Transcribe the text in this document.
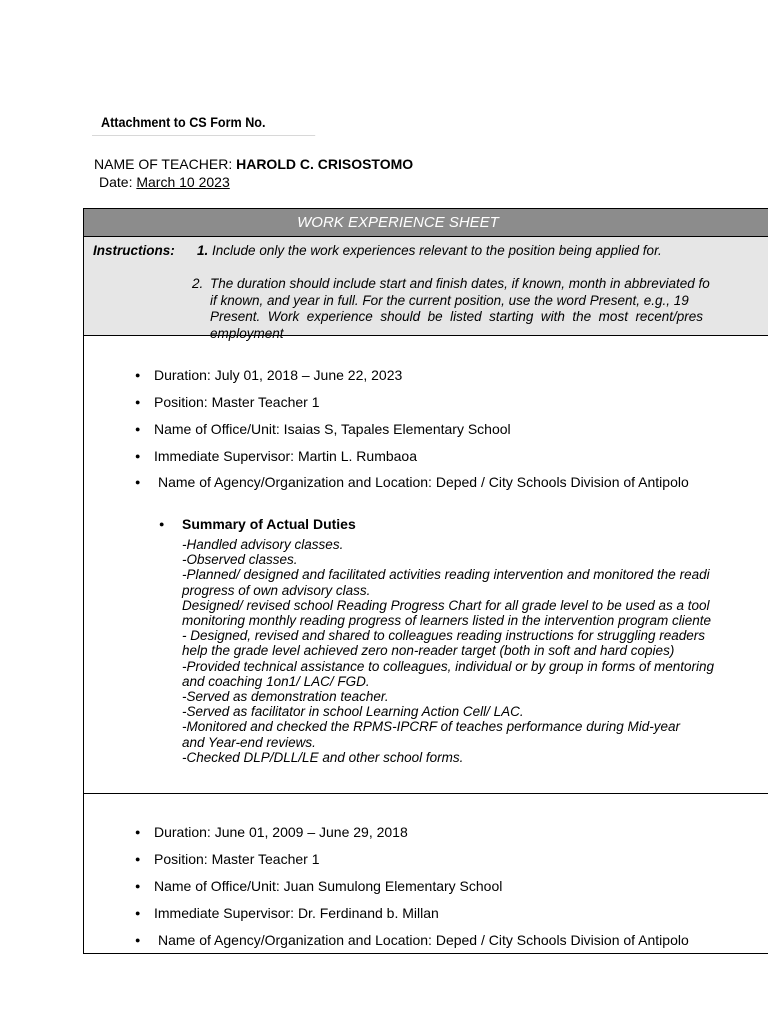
Attachment to CS Form No.
NAME OF TEACHER: HAROLD C. CRISOSTOMO
Date: March 10 2023
WORK EXPERIENCE SHEET
Instructions: 1. Include only the work experiences relevant to the position being applied for.
2. The duration should include start and finish dates, if known, month in abbreviated fo
if known, and year in full. For the current position, use the word Present, e.g., 19
Present.  Work  experience  should  be  listed  starting  with  the  most  recent/pres
employment
● Duration: July 01, 2018 – June 22, 2023
● Position: Master Teacher 1
● Name of Office/Unit: Isaias S, Tapales Elementary School
● Immediate Supervisor: Martin L. Rumbaoa
● Name of Agency/Organization and Location: Deped / City Schools Division of Antipolo
● Summary of Actual Duties
-Handled advisory classes.
-Observed classes.
-Planned/ designed and facilitated activities reading intervention and monitored the readi
progress of own advisory class.
Designed/ revised school Reading Progress Chart for all grade level to be used as a tool
monitoring monthly reading progress of learners listed in the intervention program cliente
- Designed, revised and shared to colleagues reading instructions for struggling readers
help the grade level achieved zero non-reader target (both in soft and hard copies)
-Provided technical assistance to colleagues, individual or by group in forms of mentoring
and coaching 1on1/ LAC/ FGD.
-Served as demonstration teacher.
-Served as facilitator in school Learning Action Cell/ LAC.
-Monitored and checked the RPMS-IPCRF of teaches performance during Mid-year
and Year-end reviews.
-Checked DLP/DLL/LE and other school forms.
● Duration: June 01, 2009 – June 29, 2018
● Position: Master Teacher 1
● Name of Office/Unit: Juan Sumulong Elementary School
● Immediate Supervisor: Dr. Ferdinand b. Millan
● Name of Agency/Organization and Location: Deped / City Schools Division of Antipolo
